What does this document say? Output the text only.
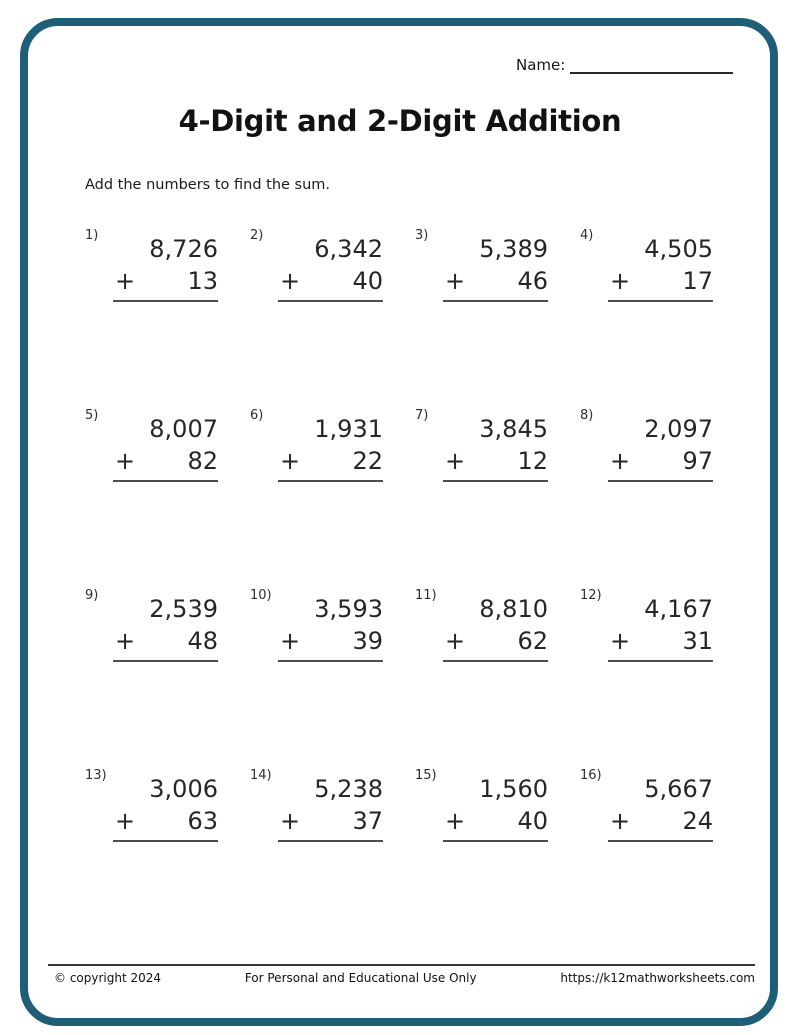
Name:
4-Digit and 2-Digit Addition
Add the numbers to find the sum.
1)	8,726
+ 13
2)	6,342
+ 40
3)	5,389
+ 46
4)	4,505
+ 17
5)	8,007
+ 82
6)	1,931
+ 22
7)	3,845
+ 12
8)	2,097
+ 97
9)	2,539
+ 48
10)	3,593
+ 39
11)	8,810
+ 62
12)	4,167
+ 31
13)	3,006
+ 63
14)	5,238
+ 37
15)	1,560
+ 40
16)	5,667
+ 24
© copyright 2024	For Personal and Educational Use Only	https://k12mathworksheets.com
